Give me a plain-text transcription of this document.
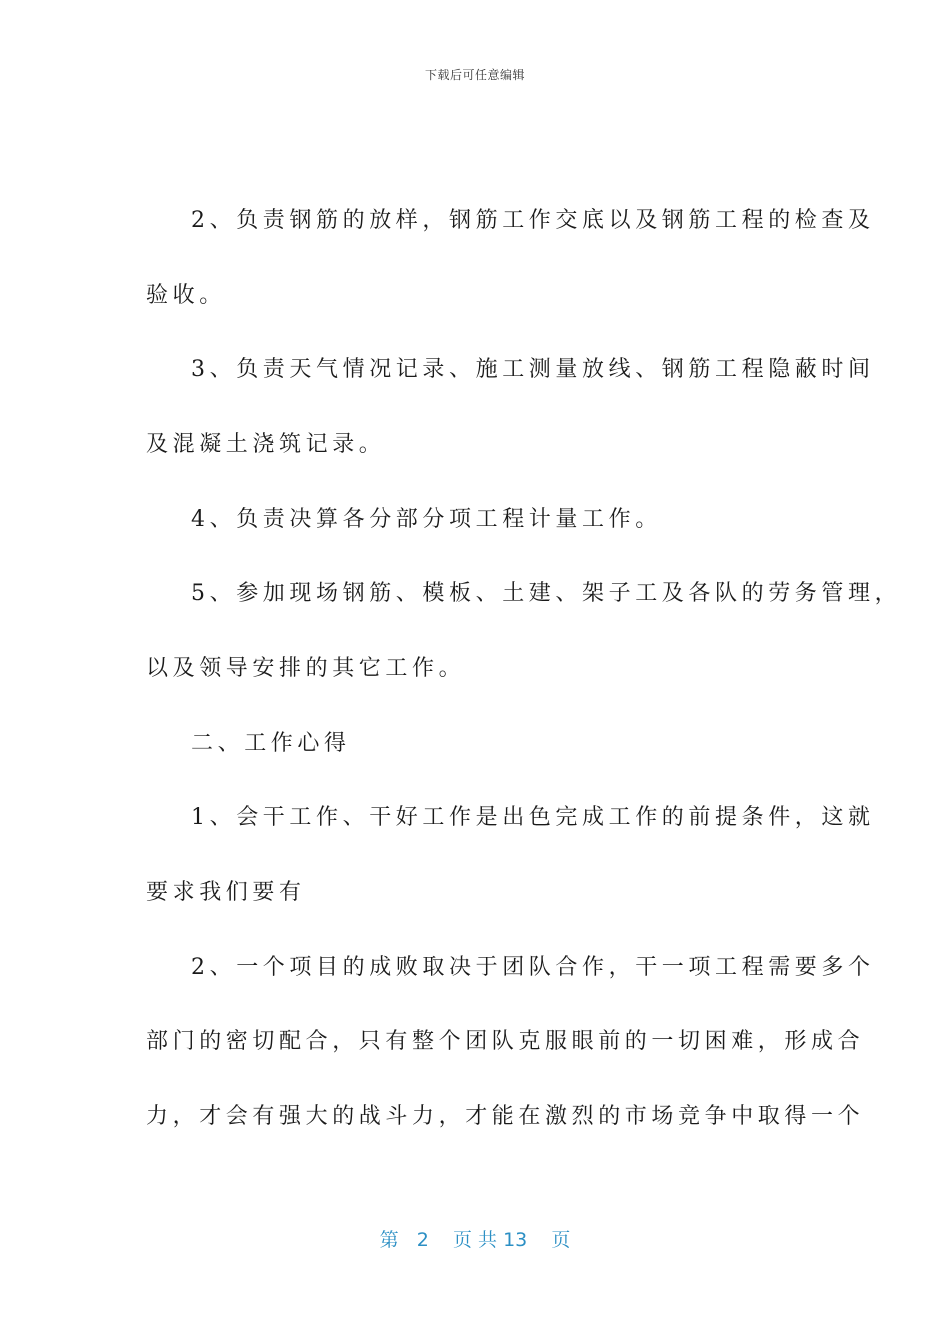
下载后可任意编辑
2、负责钢筋的放样，钢筋工作交底以及钢筋工程的检查及
验收。
3、负责天气情况记录、施工测量放线、钢筋工程隐蔽时间
及混凝土浇筑记录。
4、负责决算各分部分项工程计量工作。
5、参加现场钢筋、模板、土建、架子工及各队的劳务管理，
以及领导安排的其它工作。
二、工作心得
1、会干工作、干好工作是出色完成工作的前提条件，这就
要求我们要有
2、一个项目的成败取决于团队合作，干一项工程需要多个
部门的密切配合，只有整个团队克服眼前的一切困难，形成合
力，才会有强大的战斗力，才能在激烈的市场竞争中取得一个
第 2 页 共 13 页
